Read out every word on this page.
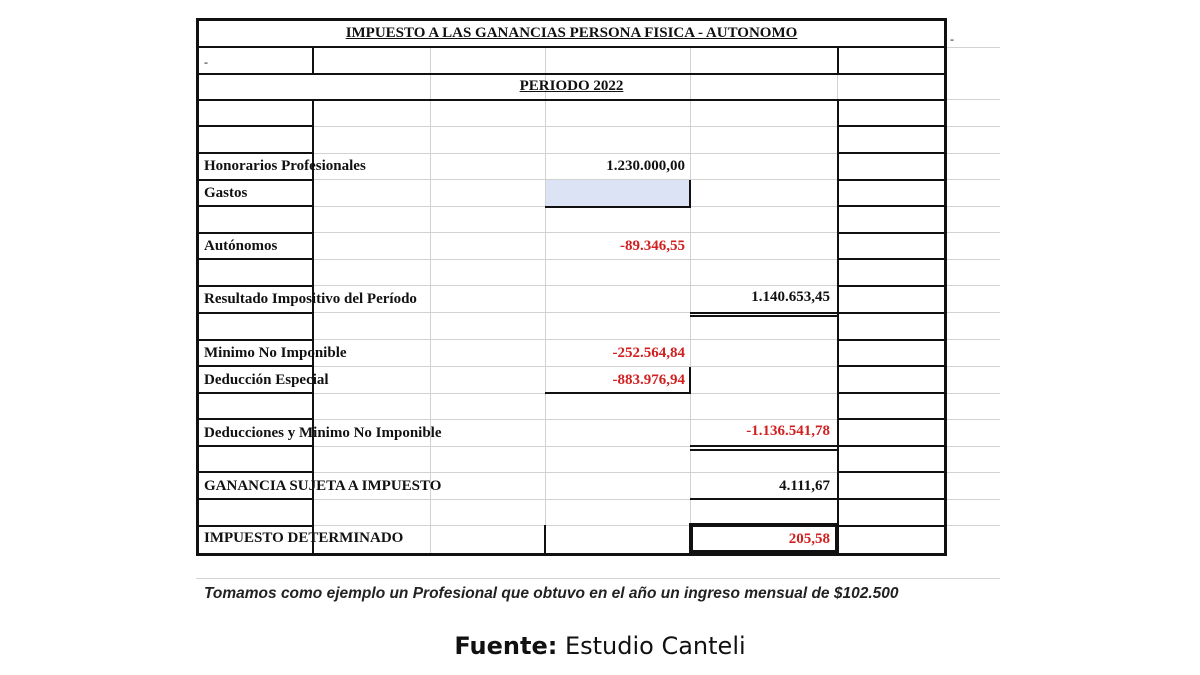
IMPUESTO A LAS GANANCIAS PERSONA FISICA - AUTONOMO
-
-
PERIODO 2022
Honorarios Profesionales	1.230.000,00
Gastos
Autónomos	-89.346,55
Resultado Impositivo del Período	1.140.653,45
Minimo No Imponible	-252.564,84
Deducción Especial	-883.976,94
Deducciones y Minimo No Imponible	-1.136.541,78
GANANCIA SUJETA A IMPUESTO	4.111,67
IMPUESTO DETERMINADO	205,58
Tomamos como ejemplo un Profesional que obtuvo en el año un ingreso mensual de $102.500
Fuente: Estudio Canteli
